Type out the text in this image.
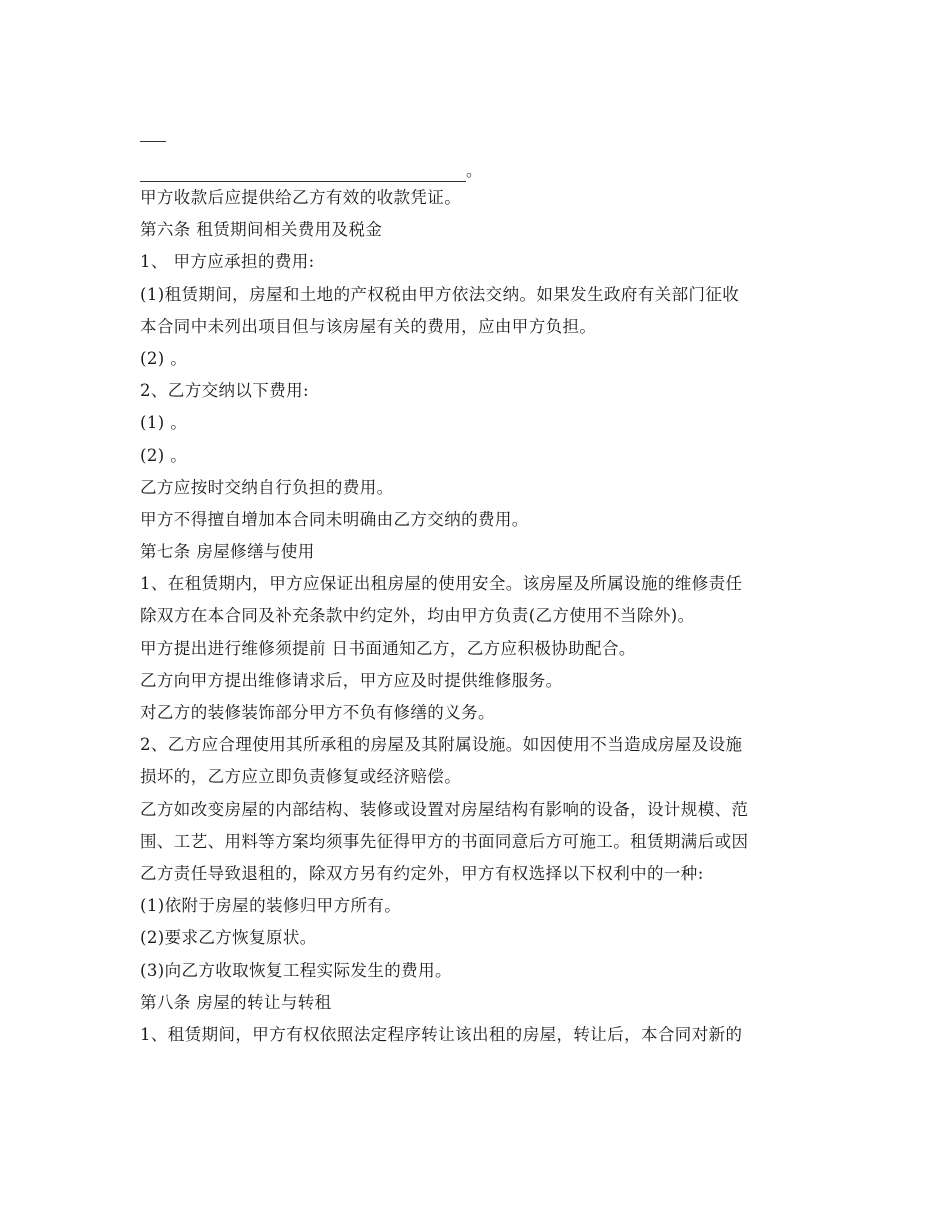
。
甲方收款后应提供给乙方有效的收款凭证。
第六条 租赁期间相关费用及税金
1、 甲方应承担的费用:
(1)租赁期间，房屋和土地的产权税由甲方依法交纳。如果发生政府有关部门征收
本合同中未列出项目但与该房屋有关的费用，应由甲方负担。
(2) 。
2、乙方交纳以下费用:
(1) 。
(2) 。
乙方应按时交纳自行负担的费用。
甲方不得擅自增加本合同未明确由乙方交纳的费用。
第七条 房屋修缮与使用
1、在租赁期内，甲方应保证出租房屋的使用安全。该房屋及所属设施的维修责任
除双方在本合同及补充条款中约定外，均由甲方负责(乙方使用不当除外)。
甲方提出进行维修须提前 日书面通知乙方，乙方应积极协助配合。
乙方向甲方提出维修请求后，甲方应及时提供维修服务。
对乙方的装修装饰部分甲方不负有修缮的义务。
2、乙方应合理使用其所承租的房屋及其附属设施。如因使用不当造成房屋及设施
损坏的，乙方应立即负责修复或经济赔偿。
乙方如改变房屋的内部结构、装修或设置对房屋结构有影响的设备，设计规模、范
围、工艺、用料等方案均须事先征得甲方的书面同意后方可施工。租赁期满后或因
乙方责任导致退租的，除双方另有约定外，甲方有权选择以下权利中的一种:
(1)依附于房屋的装修归甲方所有。
(2)要求乙方恢复原状。
(3)向乙方收取恢复工程实际发生的费用。
第八条 房屋的转让与转租
1、租赁期间，甲方有权依照法定程序转让该出租的房屋，转让后，本合同对新的
